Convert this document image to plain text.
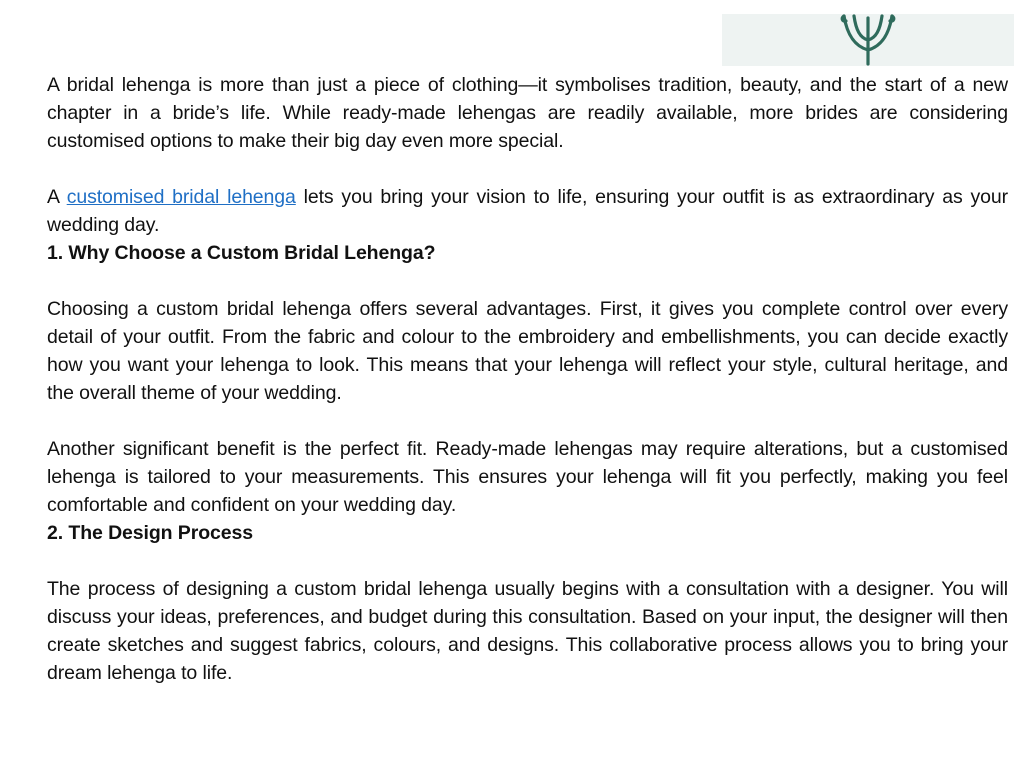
A bridal lehenga is more than just a piece of clothing—it symbolises tradition, beauty, and the start of a new chapter in a bride’s life. While ready-made lehengas are readily available, more brides are considering customised options to make their big day even more special.

A customised bridal lehenga lets you bring your vision to life, ensuring your outfit is as extraordinary as your wedding day.

1. Why Choose a Custom Bridal Lehenga?

Choosing a custom bridal lehenga offers several advantages. First, it gives you complete control over every detail of your outfit. From the fabric and colour to the embroidery and embellishments, you can decide exactly how you want your lehenga to look. This means that your lehenga will reflect your style, cultural heritage, and the overall theme of your wedding.

Another significant benefit is the perfect fit. Ready-made lehengas may require alterations, but a customised lehenga is tailored to your measurements. This ensures your lehenga will fit you perfectly, making you feel comfortable and confident on your wedding day.

2. The Design Process

The process of designing a custom bridal lehenga usually begins with a consultation with a designer. You will discuss your ideas, preferences, and budget during this consultation. Based on your input, the designer will then create sketches and suggest fabrics, colours, and designs. This collaborative process allows you to bring your dream lehenga to life.
